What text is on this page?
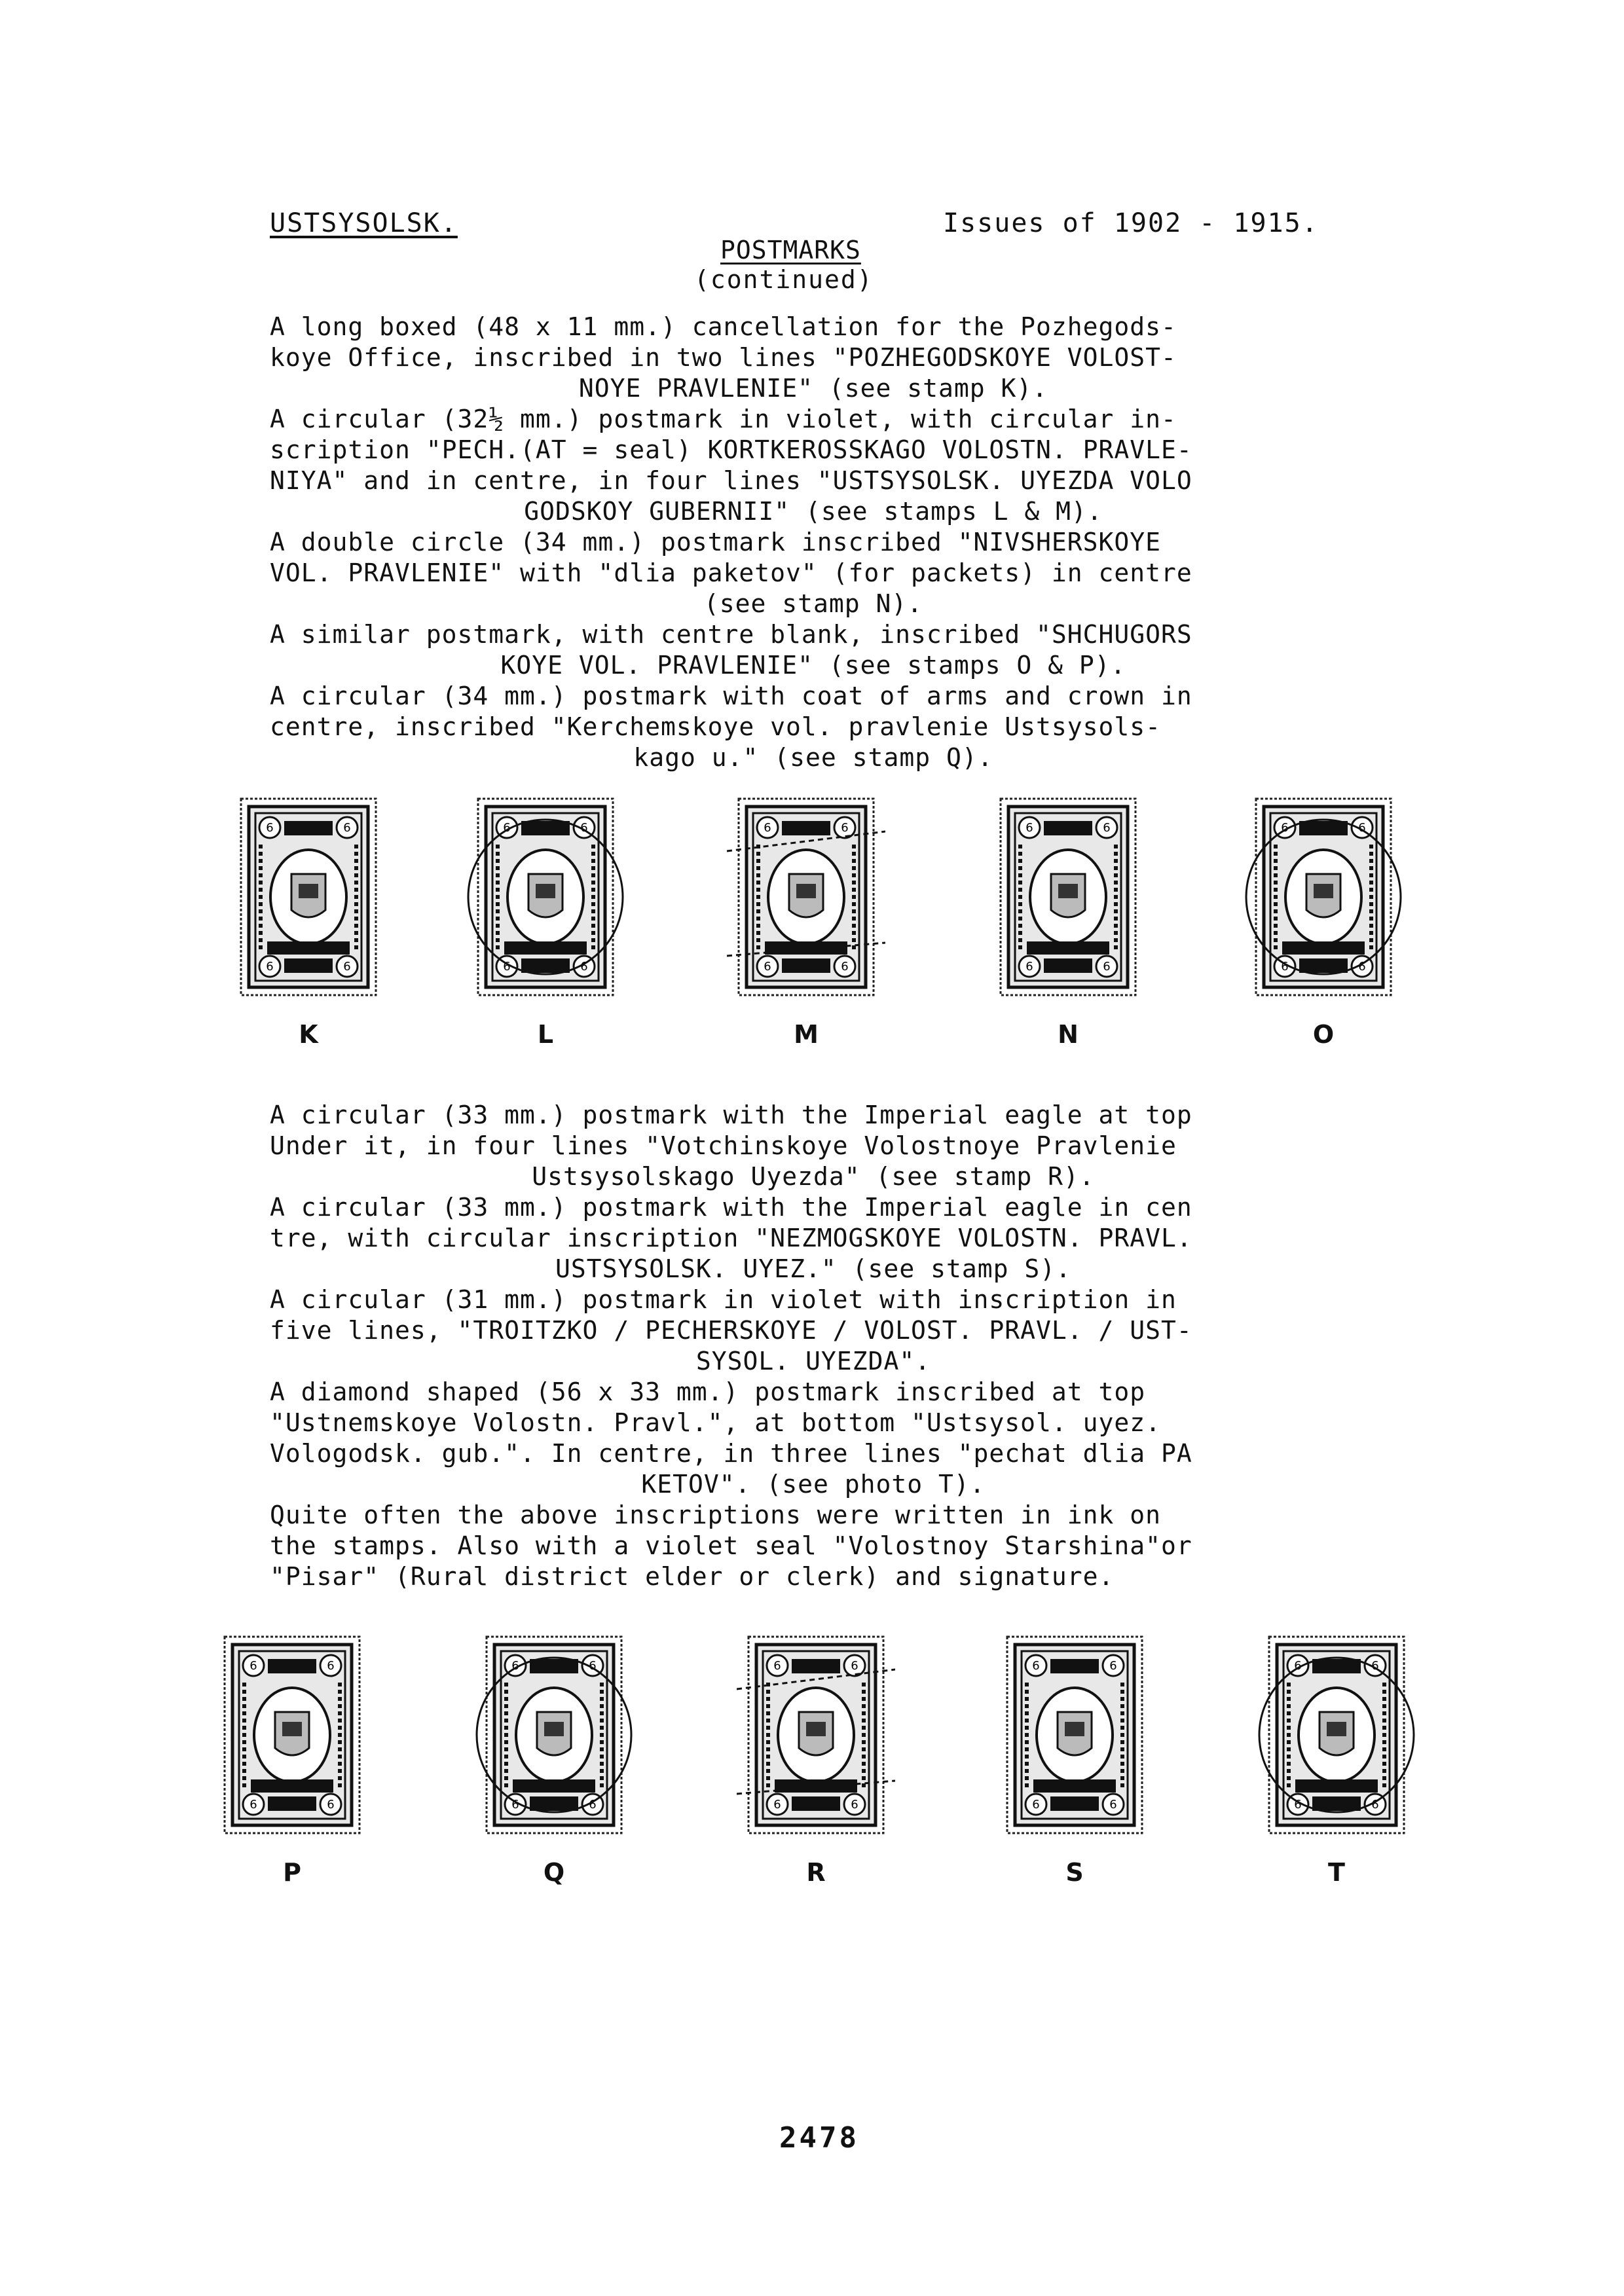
USTSYSOLSK.	Issues of 1902 - 1915.
POSTMARKS
(continued)
A long boxed (48 x 11 mm.) cancellation for the Pozhegods-
koye Office, inscribed in two lines "POZHEGODSKOYE VOLOST-
NOYE PRAVLENIE" (see stamp K).
A circular (32½ mm.) postmark in violet, with circular in-
scription "PECH.(AT = seal) KORTKEROSSKAGO VOLOSTN. PRAVLE-
NIYA" and in centre, in four lines "USTSYSOLSK. UYEZDA VOLO
GODSKOY GUBERNII" (see stamps L & M).
A double circle (34 mm.) postmark inscribed "NIVSHERSKOYE
VOL. PRAVLENIE" with "dlia paketov" (for packets) in centre
(see stamp N).
A similar postmark, with centre blank, inscribed "SHCHUGORS
KOYE VOL. PRAVLENIE" (see stamps O & P).
A circular (34 mm.) postmark with coat of arms and crown in
centre, inscribed "Kerchemskoye vol. pravlenie Ustsysols-
kago u." (see stamp Q).
6	6
6	6
K
6	6
6	6
L
6	6
6	6
M
6	6
6	6
N
6	6
6	6
O
A circular (33 mm.) postmark with the Imperial eagle at top
Under it, in four lines "Votchinskoye Volostnoye Pravlenie
Ustsysolskago Uyezda" (see stamp R).
A circular (33 mm.) postmark with the Imperial eagle in cen
tre, with circular inscription "NEZMOGSKOYE VOLOSTN. PRAVL.
USTSYSOLSK. UYEZ." (see stamp S).
A circular (31 mm.) postmark in violet with inscription in
five lines, "TROITZKO / PECHERSKOYE / VOLOST. PRAVL. / UST-
SYSOL. UYEZDA".
A diamond shaped (56 x 33 mm.) postmark inscribed at top
"Ustnemskoye Volostn. Pravl.", at bottom "Ustsysol. uyez.
Vologodsk. gub.". In centre, in three lines "pechat dlia PA
KETOV". (see photo T).
Quite often the above inscriptions were written in ink on
the stamps. Also with a violet seal "Volostnoy Starshina"or
"Pisar" (Rural district elder or clerk) and signature.
6	6
6	6
P
6	6
6	6
Q
6	6
6	6
R
6	6
6	6
S
6	6
6	6
T
2478
